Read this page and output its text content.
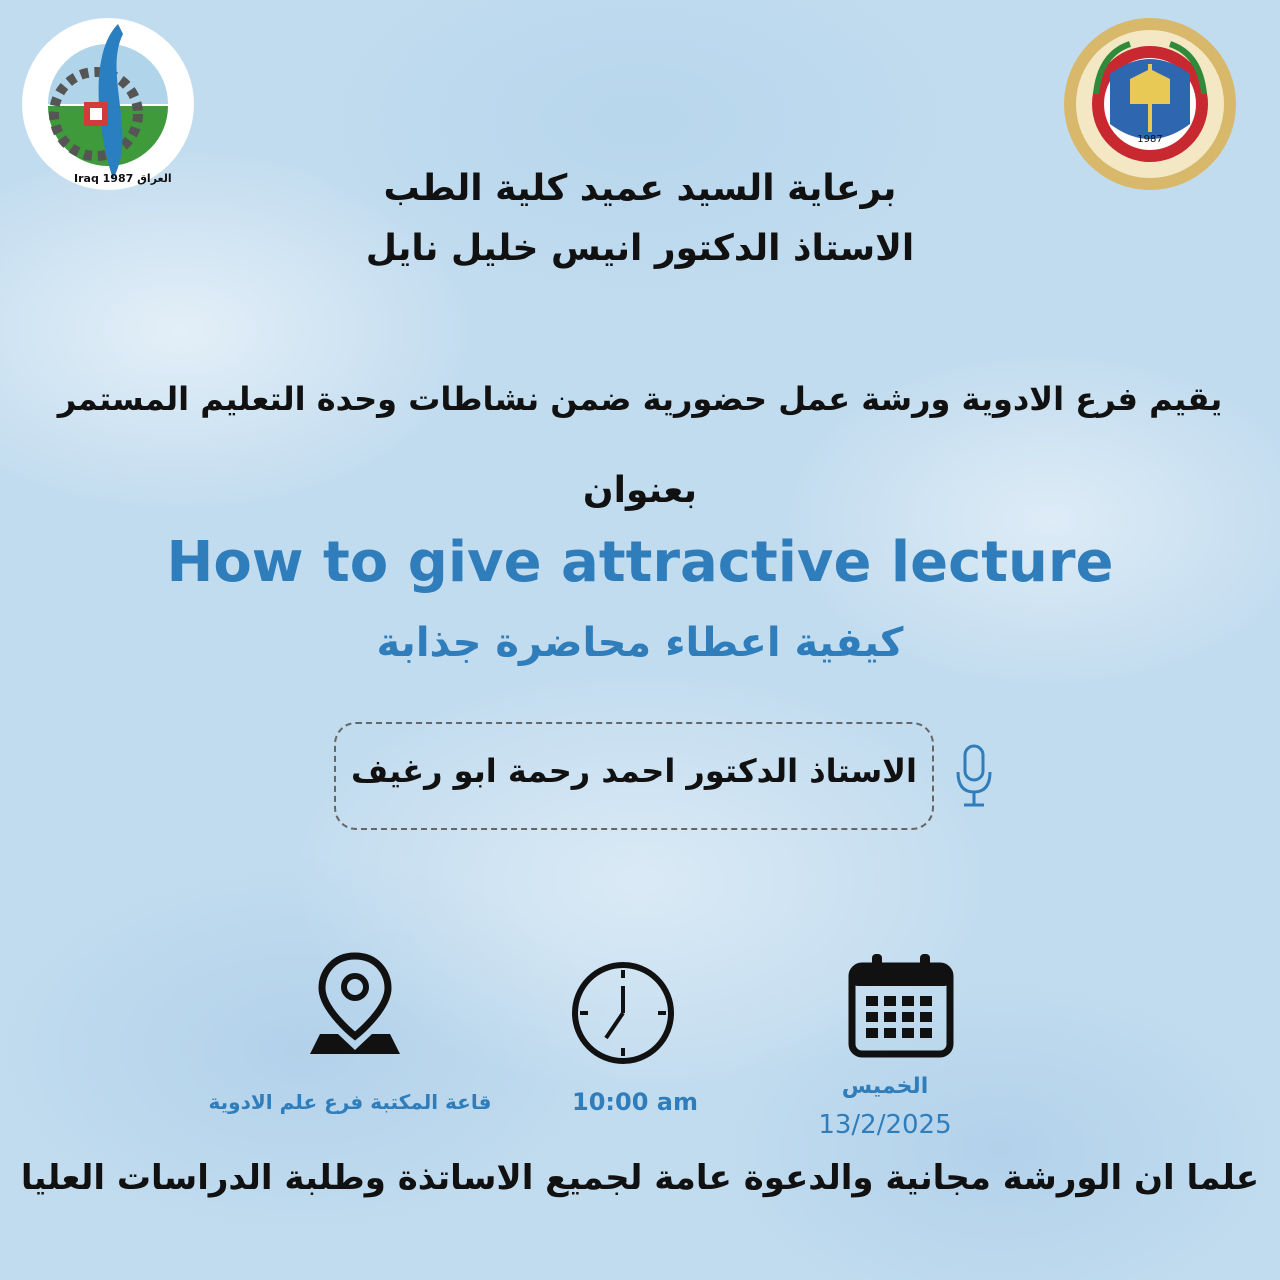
Iraq 1987 العراق
1987
برعاية السيد عميد كلية الطب
الاستاذ الدكتور انيس خليل نايل
يقيم فرع الادوية ورشة عمل حضورية ضمن نشاطات وحدة التعليم المستمر
بعنوان
How to give attractive lecture
كيفية اعطاء محاضرة جذابة
الاستاذ الدكتور احمد رحمة ابو رغيف
قاعة المكتبة فرع علم الادوية	10:00 am
الخميس
13/2/2025
علما ان الورشة مجانية والدعوة عامة لجميع الاساتذة وطلبة الدراسات العليا
